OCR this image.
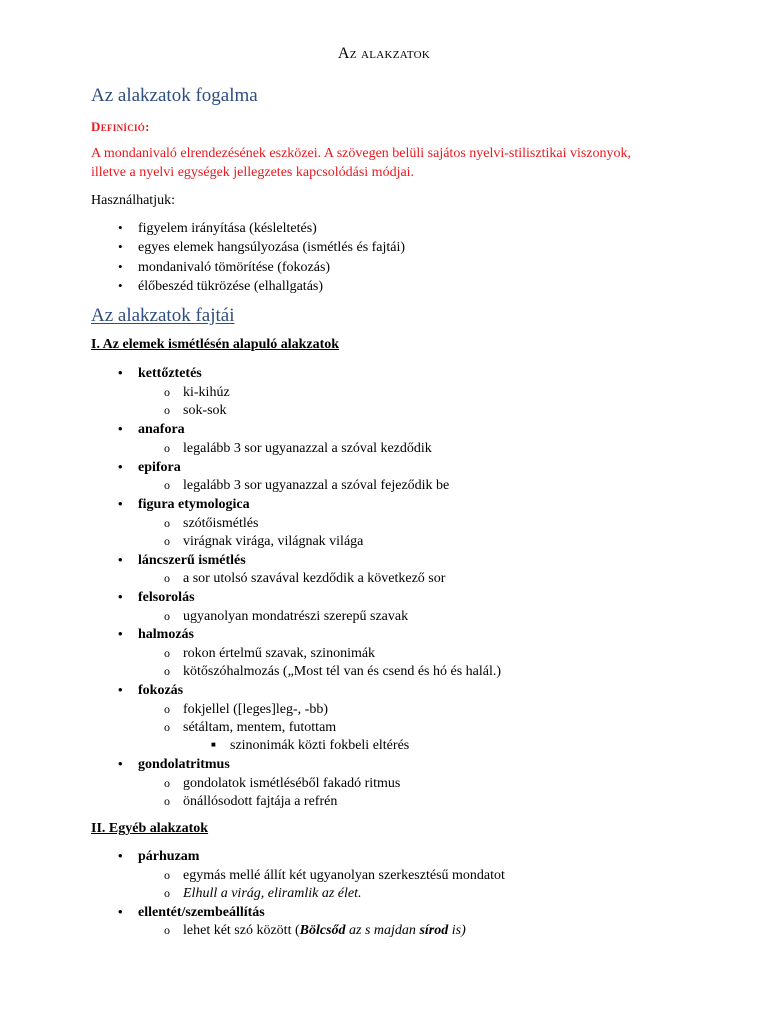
Az alakzatok
Az alakzatok fogalma
Definíció:
A mondanivaló elrendezésének eszközei. A szövegen belüli sajátos nyelvi-stilisztikai viszonyok, illetve a nyelvi egységek jellegzetes kapcsolódási módjai.
Használhatjuk:
• figyelem irányítása (késleltetés)
• egyes elemek hangsúlyozása (ismétlés és fajtái)
• mondanivaló tömörítése (fokozás)
• élőbeszéd tükrözése (elhallgatás)
Az alakzatok fajtái
I. Az elemek ismétlésén alapuló alakzatok
• kettőztetés
o ki-kihúz
o sok-sok
• anafora
o legalább 3 sor ugyanazzal a szóval kezdődik
• epifora
o legalább 3 sor ugyanazzal a szóval fejeződik be
• figura etymologica
o szótőismétlés
o virágnak virága, világnak világa
• láncszerű ismétlés
o a sor utolsó szavával kezdődik a következő sor
• felsorolás
o ugyanolyan mondatrészi szerepű szavak
• halmozás
o rokon értelmű szavak, szinonimák
o kötőszóhalmozás („Most tél van és csend és hó és halál.)
• fokozás
o fokjellel ([leges]leg-, -bb)
o sétáltam, mentem, futottam
■ szinonimák közti fokbeli eltérés
• gondolatritmus
o gondolatok ismétléséből fakadó ritmus
o önállósodott fajtája a refrén
II. Egyéb alakzatok
• párhuzam
o egymás mellé állít két ugyanolyan szerkesztésű mondatot
o Elhull a virág, eliramlik az élet.
• ellentét/szembeállítás
o lehet két szó között (Bölcsőd az s majdan sírod is)
